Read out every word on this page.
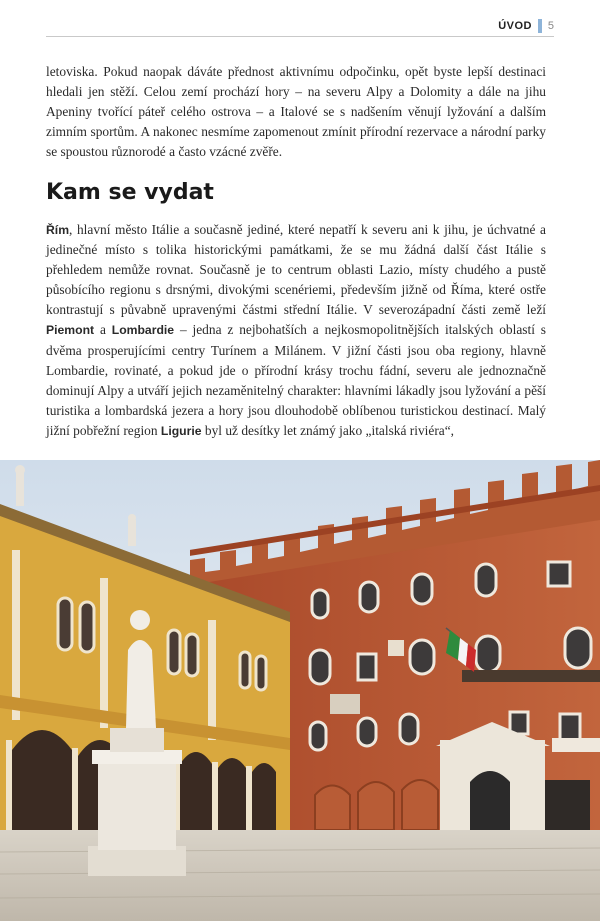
ÚVOD 5

letoviska. Pokud naopak dáváte přednost aktivnímu odpočinku, opět byste lepší destinaci hledali jen stěží. Celou zemí prochází hory – na severu Alpy a Dolomity a dále na jihu Apeniny tvořící páteř celého ostrova – a Italové se s nadšením věnují lyžování a dalším zimním sportům. A nakonec nesmíme zapomenout zmínit přírodní rezervace a národní parky se spoustou různorodé a často vzácné zvěře.

Kam se vydat

Řím, hlavní město Itálie a současně jediné, které nepatří k severu ani k jihu, je úchvatné a jedinečné místo s tolika historickými památkami, že se mu žádná další část Itálie s přehledem nemůže rovnat. Současně je to centrum oblasti Lazio, místy chudého a pustě působícího regionu s drsnými, divokými scenériemi, především jižně od Říma, které ostře kontrastují s půvabně upravenými částmi střední Itálie. V severozápadní části země leží Piemont a Lombardie – jedna z nejbohatších a nejkosmopolitnějších italských oblastí s dvěma prosperujícími centry Turínem a Milánem. V jižní části jsou oba regiony, hlavně Lombardie, rovinaté, a pokud jde o přírodní krásy trochu fádní, severu ale jednoznačně dominují Alpy a utváří jejich nezaměnitelný charakter: hlavními lákadly jsou lyžování a pěší turistika a lombardská jezera a hory jsou dlouhodobě oblíbenou turistickou destinací. Malý jižní pobřežní region Ligurie byl už desítky let známý jako „italská riviéra“,
